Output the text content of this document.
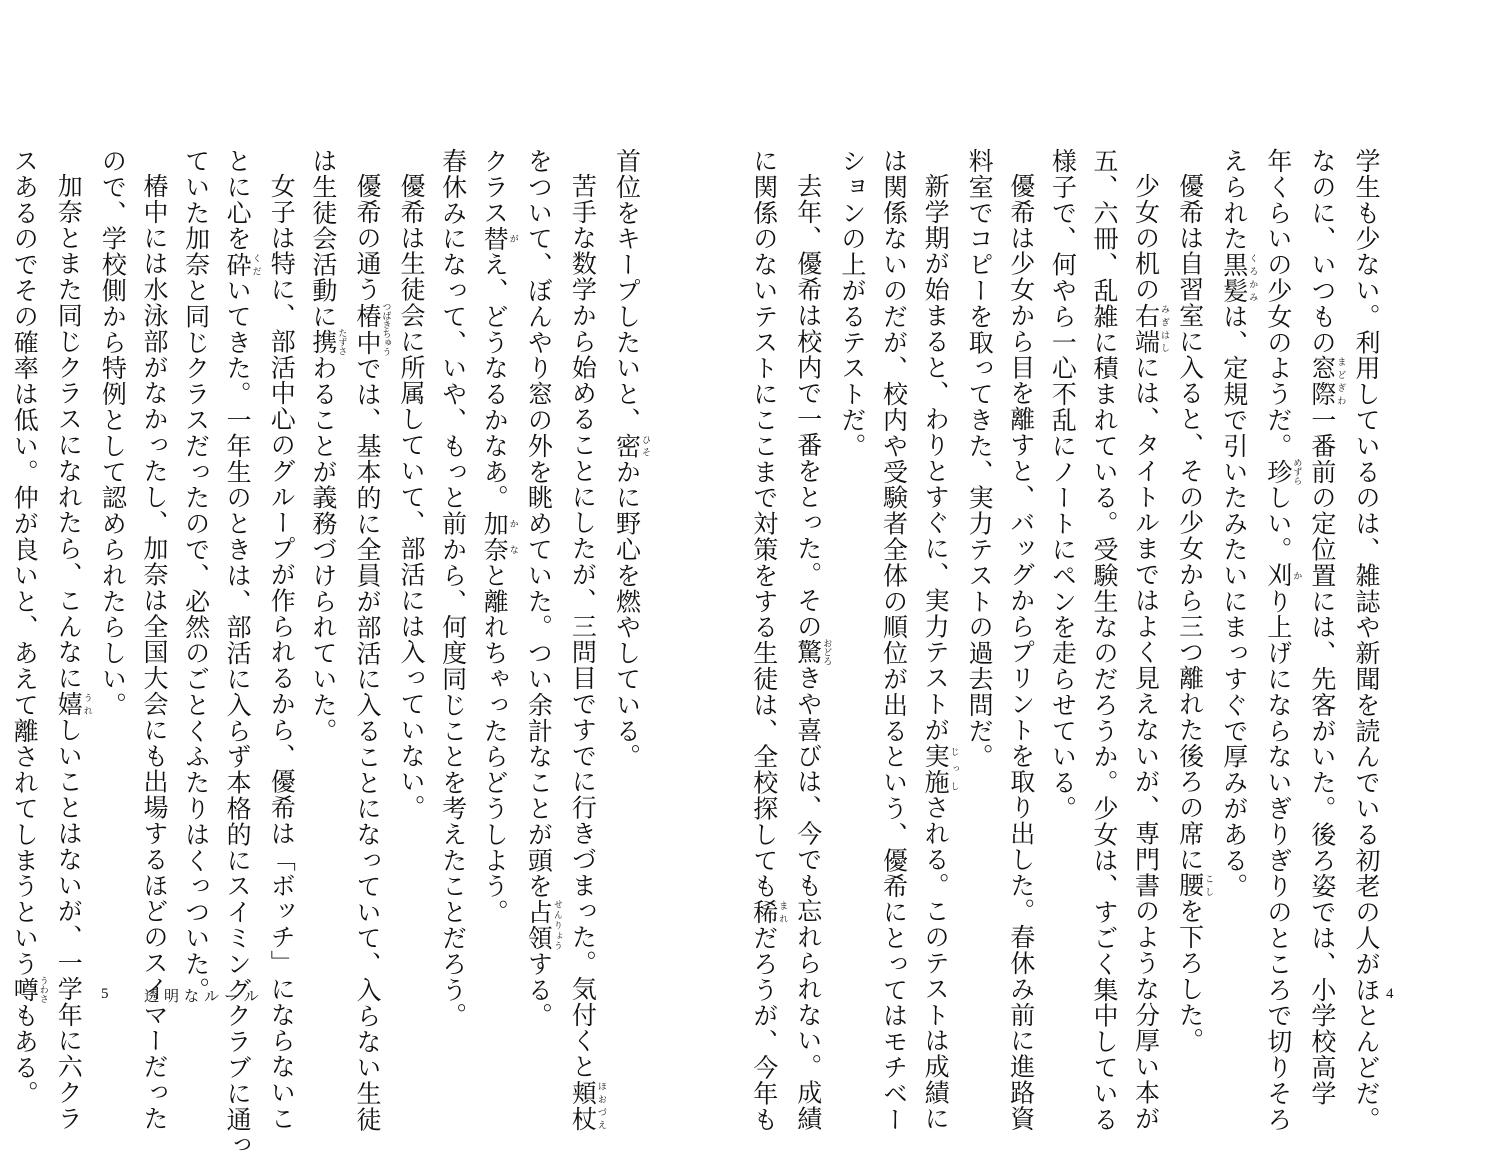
学生も少ない。利用しているのは、雑誌や新聞を読んでいる初老の人がほとんどだ。

なのに、いつもの窓際まどぎわ一番前の定位置には、先客がいた。後ろ姿では、小学校高学

年くらいの少女のようだ。珍めずらしい。刈かり上げにならないぎりぎりのところで切りそろ

えられた黒髪くろかみは、定規で引いたみたいにまっすぐで厚みがある。

優希は自習室に入ると、その少女から三つ離れた後ろの席に腰こしを下ろした。

少女の机の右端みぎはしには、タイトルまではよく見えないが、専門書のような分厚い本が

五、六冊、乱雑に積まれている。受験生なのだろうか。少女は、すごく集中している

様子で、何やら一心不乱にノートにペンを走らせている。

優希は少女から目を離すと、バッグからプリントを取り出した。春休み前に進路資

料室でコピーを取ってきた、実力テストの過去問だ。

新学期が始まると、わりとすぐに、実力テストが実施じっしされる。このテストは成績に

は関係ないのだが、校内や受験者全体の順位が出るという、優希にとってはモチベー

ションの上がるテストだ。

去年、優希は校内で一番をとった。その驚おどろきや喜びは、今でも忘れられない。成績

に関係のないテストにここまで対策をする生徒は、全校探しても稀まれだろうが、今年も

首位をキープしたいと、密ひそかに野心を燃やしている。

苦手な数学から始めることにしたが、三問目ですでに行きづまった。気付くと頬杖ほおづえ

をついて、ぼんやり窓の外を眺めていた。つい余計なことが頭を占領せんりょうする。

クラス替がえ、どうなるかなあ。加奈かなと離れちゃったらどうしよう。

春休みになって、いや、もっと前から、何度同じことを考えたことだろう。

優希は生徒会に所属していて、部活には入っていない。

優希の通う椿中つばきちゅうでは、基本的に全員が部活に入ることになっていて、入らない生徒

は生徒会活動に携たずさわることが義務づけられていた。

女子は特に、部活中心のグループが作られるから、優希は「ボッチ」にならないこ

とに心を砕くだいてきた。一年生のときは、部活に入らず本格的にスイミングクラブに通っ

ていた加奈と同じクラスだったので、必然のごとくふたりはくっついた。

椿中には水泳部がなかったし、加奈は全国大会にも出場するほどのスイマーだった

ので、学校側から特例として認められたらしい。

加奈とまた同じクラスになれたら、こんなに嬉うれしいことはないが、一学年に六クラ

スあるのでその確率は低い。仲が良いと、あえて離されてしまうという噂うわさもある。

4
5 透明なルール
